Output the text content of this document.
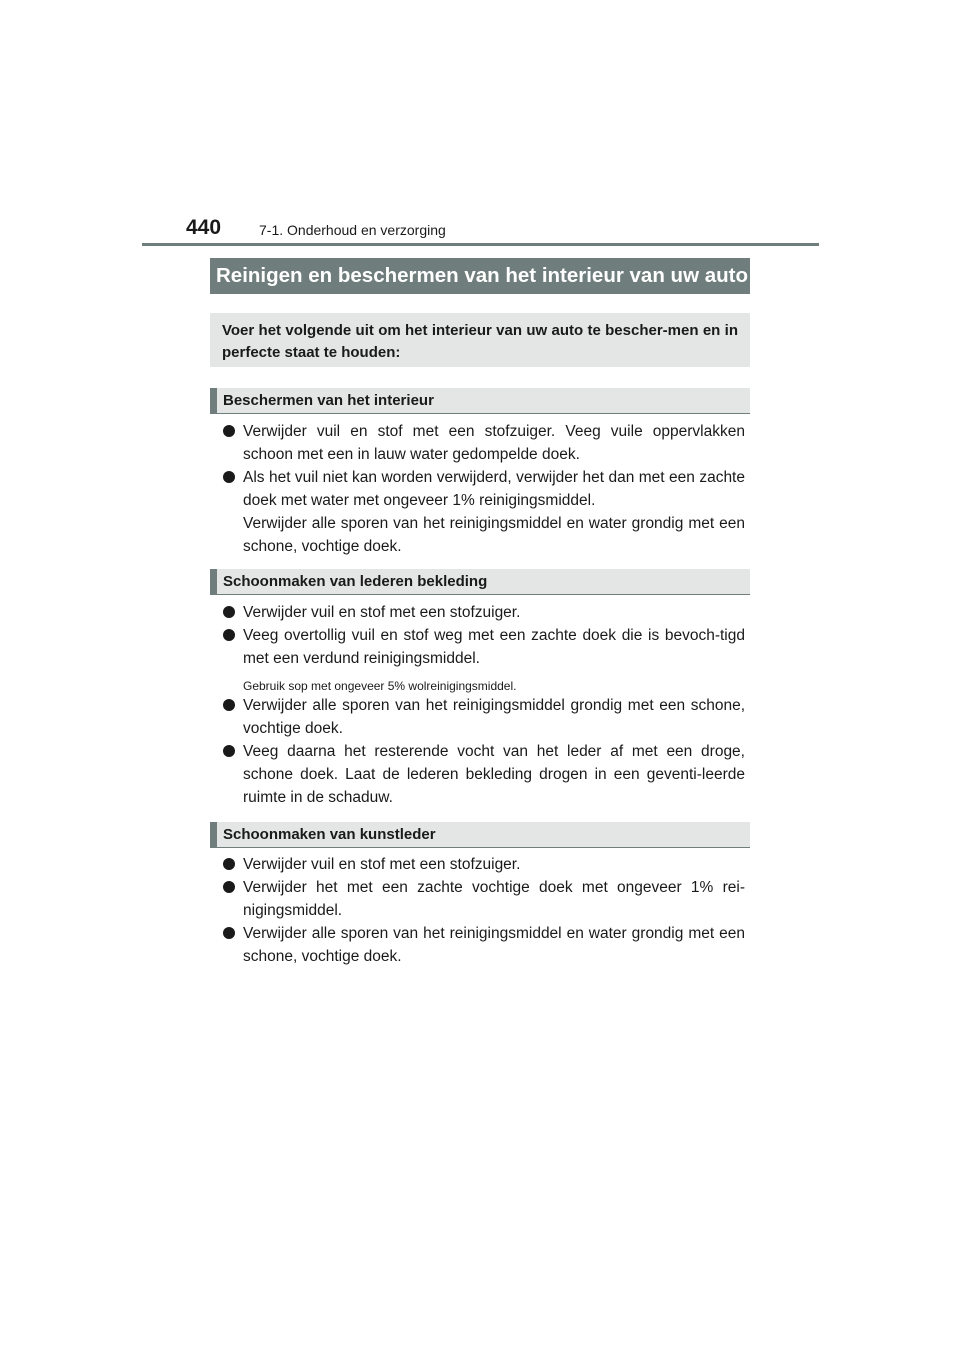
440	7-1. Onderhoud en verzorging
Reinigen en beschermen van het interieur van uw auto

Voer het volgende uit om het interieur van uw auto te bescher-men en in perfecte staat te houden:

Beschermen van het interieur
Verwijder vuil en stof met een stofzuiger. Veeg vuile oppervlakken schoon met een in lauw water gedompelde doek.
Als het vuil niet kan worden verwijderd, verwijder het dan met een zachte doek met water met ongeveer 1% reinigingsmiddel.
Verwijder alle sporen van het reinigingsmiddel en water grondig met een schone, vochtige doek.
Schoonmaken van lederen bekleding
Verwijder vuil en stof met een stofzuiger.
Veeg overtollig vuil en stof weg met een zachte doek die is bevoch-tigd met een verdund reinigingsmiddel.
Gebruik sop met ongeveer 5% wolreinigingsmiddel.
Verwijder alle sporen van het reinigingsmiddel grondig met een schone, vochtige doek.
Veeg daarna het resterende vocht van het leder af met een droge, schone doek. Laat de lederen bekleding drogen in een geventi-leerde ruimte in de schaduw.
Schoonmaken van kunstleder
Verwijder vuil en stof met een stofzuiger.
Verwijder het met een zachte vochtige doek met ongeveer 1% rei-nigingsmiddel.
Verwijder alle sporen van het reinigingsmiddel en water grondig met een schone, vochtige doek.
